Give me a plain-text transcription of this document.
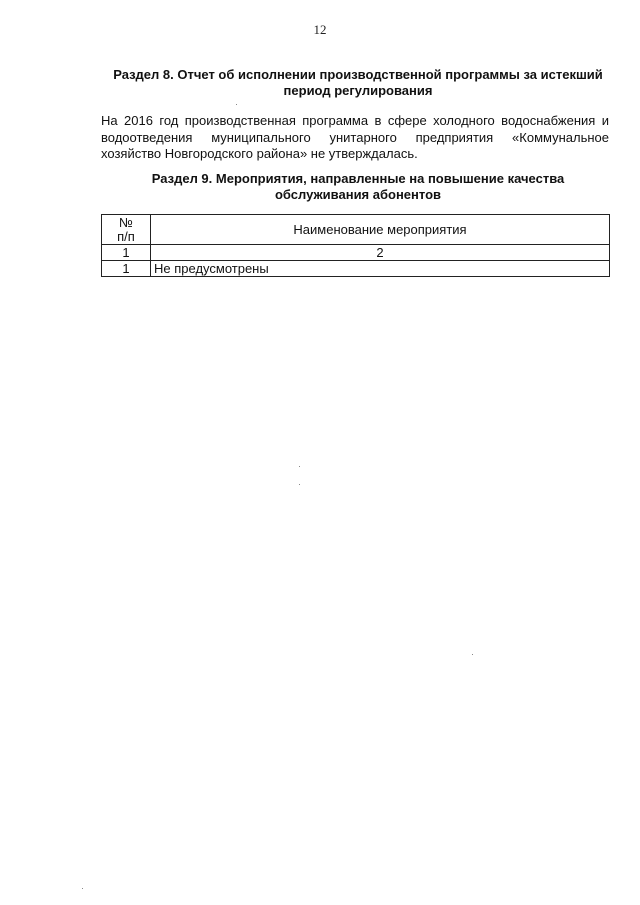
12
Раздел 8. Отчет об исполнении производственной программы за истекший
период регулирования
На 2016 год производственная программа в сфере холодного водоснабжения и водоотведения муниципального унитарного предприятия «Коммунальное хозяйство Новгородского района» не утверждалась.
Раздел 9. Мероприятия, направленные на повышение качества
обслуживания абонентов
№
п/п	Наименование мероприятия
1	2
1	Не предусмотрены
